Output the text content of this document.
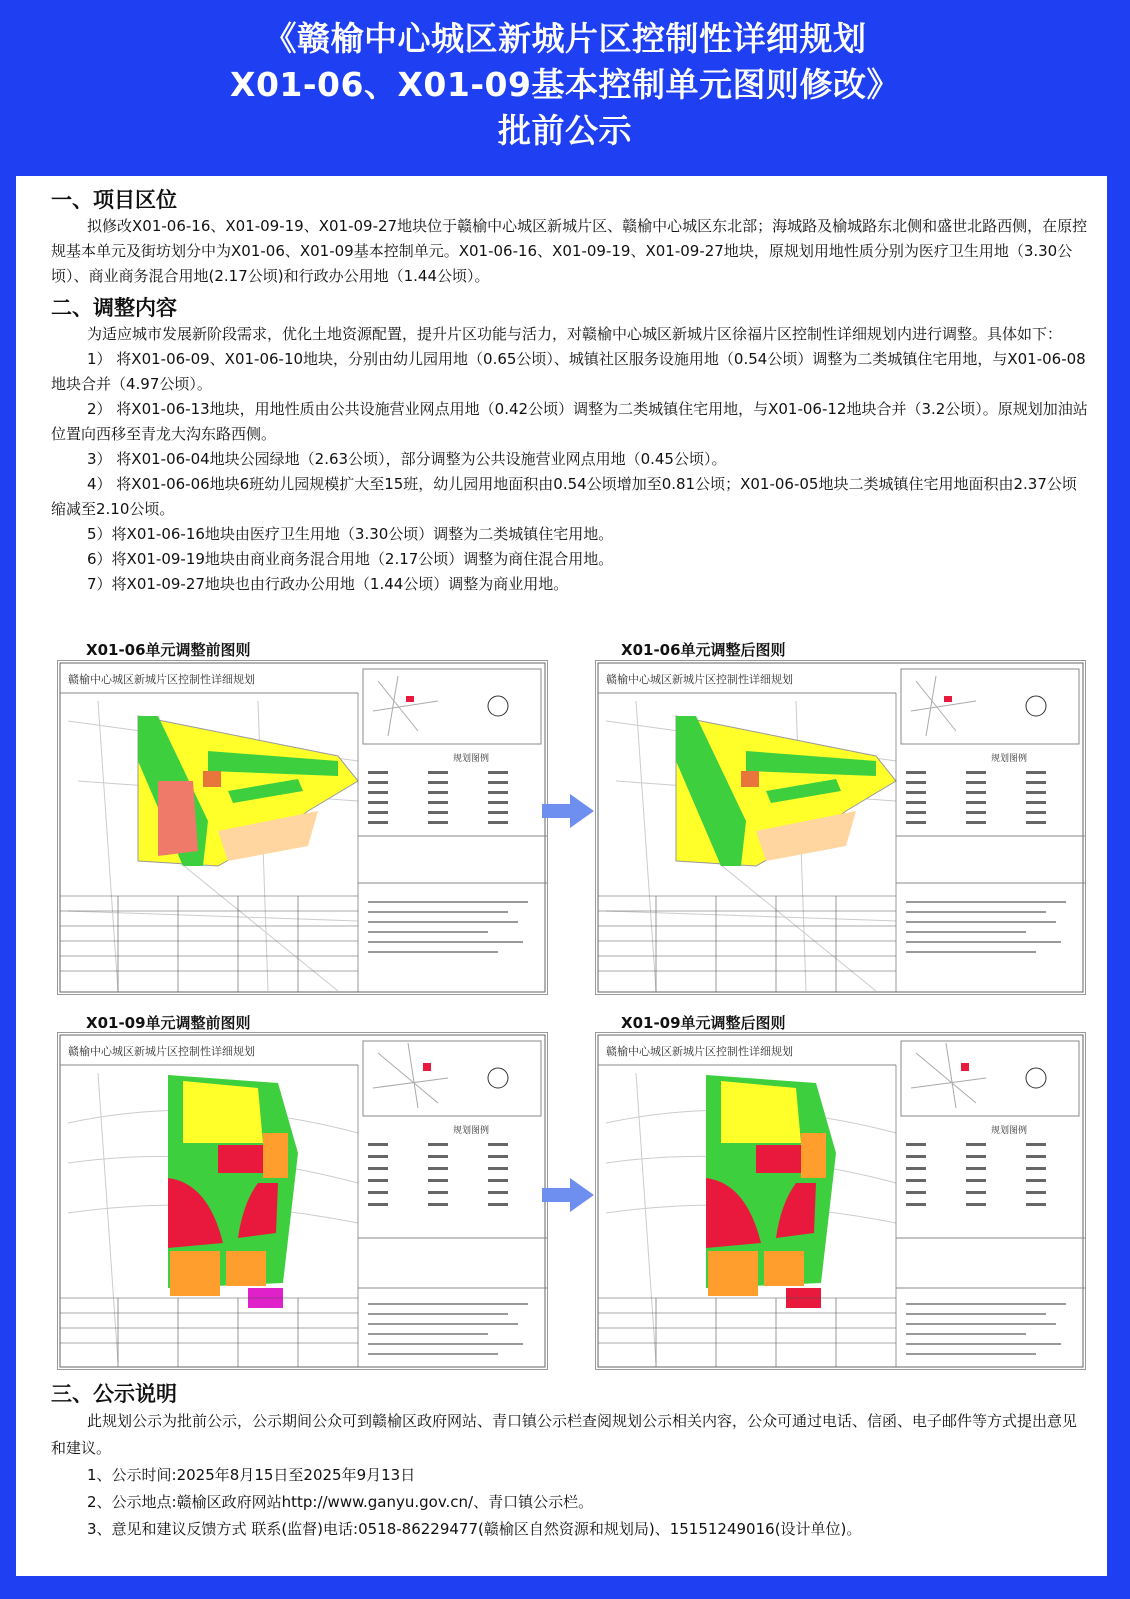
《赣榆中心城区新城片区控制性详细规划
X01-06、X01-09基本控制单元图则修改》
批前公示
一、项目区位

拟修改X01-06-16、X01-09-19、X01-09-27地块位于赣榆中心城区新城片区、赣榆中心城区东北部；海城路及榆城路东北侧和盛世北路西侧，在原控规基本单元及街坊划分中为X01-06、X01-09基本控制单元。X01-06-16、X01-09-19、X01-09-27地块，原规划用地性质分别为医疗卫生用地（3.30公顷）、商业商务混合用地(2.17公顷)和行政办公用地（1.44公顷）。

二、调整内容

为适应城市发展新阶段需求，优化土地资源配置，提升片区功能与活力，对赣榆中心城区新城片区徐福片区控制性详细规划内进行调整。具体如下：

1） 将X01-06-09、X01-06-10地块，分别由幼儿园用地（0.65公顷）、城镇社区服务设施用地（0.54公顷）调整为二类城镇住宅用地，与X01-06-08地块合并（4.97公顷）。

2） 将X01-06-13地块，用地性质由公共设施营业网点用地（0.42公顷）调整为二类城镇住宅用地，与X01-06-12地块合并（3.2公顷）。原规划加油站位置向西移至青龙大沟东路西侧。

3） 将X01-06-04地块公园绿地（2.63公顷），部分调整为公共设施营业网点用地（0.45公顷）。

4） 将X01-06-06地块6班幼儿园规模扩大至15班，幼儿园用地面积由0.54公顷增加至0.81公顷；X01-06-05地块二类城镇住宅用地面积由2.37公顷缩减至2.10公顷。

5）将X01-06-16地块由医疗卫生用地（3.30公顷）调整为二类城镇住宅用地。

6）将X01-09-19地块由商业商务混合用地（2.17公顷）调整为商住混合用地。

7）将X01-09-27地块也由行政办公用地（1.44公顷）调整为商业用地。

X01-06单元调整前图则	X01-06单元调整后图则
X01-09单元调整前图则	X01-09单元调整后图则
赣榆中心城区新城片区控制性详细规划
规划图例
赣榆中心城区新城片区控制性详细规划
规划图例
赣榆中心城区新城片区控制性详细规划
规划图例
赣榆中心城区新城片区控制性详细规划
规划图例
三、公示说明

此规划公示为批前公示，公示期间公众可到赣榆区政府网站、青口镇公示栏查阅规划公示相关内容，公众可通过电话、信函、电子邮件等方式提出意见和建议。

1、公示时间:2025年8月15日至2025年9月13日

2、公示地点:赣榆区政府网站http://www.ganyu.gov.cn/、青口镇公示栏。

3、意见和建议反馈方式 联系(监督)电话:0518-86229477(赣榆区自然资源和规划局)、15151249016(设计单位)。
